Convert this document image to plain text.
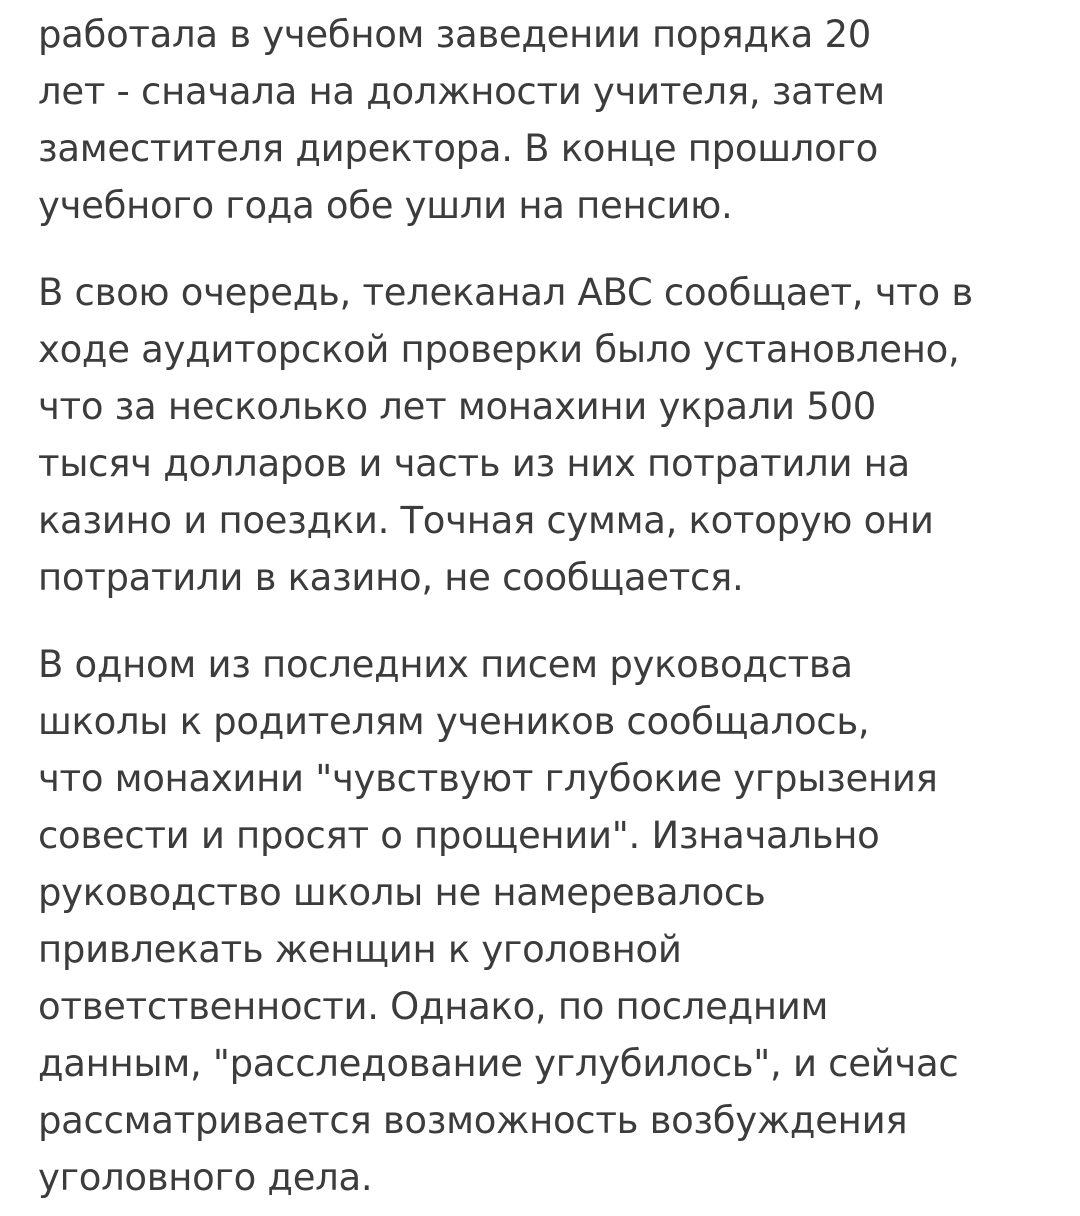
работала в учебном заведении порядка 20
лет - сначала на должности учителя, затем
заместителя директора. В конце прошлого
учебного года обе ушли на пенсию.

В свою очередь, телеканал ABC сообщает, что в
ходе аудиторской проверки было установлено,
что за несколько лет монахини украли 500
тысяч долларов и часть из них потратили на
казино и поездки. Точная сумма, которую они
потратили в казино, не сообщается.

В одном из последних писем руководства
школы к родителям учеников сообщалось,
что монахини "чувствуют глубокие угрызения
совести и просят о прощении". Изначально
руководство школы не намеревалось
привлекать женщин к уголовной
ответственности. Однако, по последним
данным, "расследование углубилось", и сейчас
рассматривается возможность возбуждения
уголовного дела.
